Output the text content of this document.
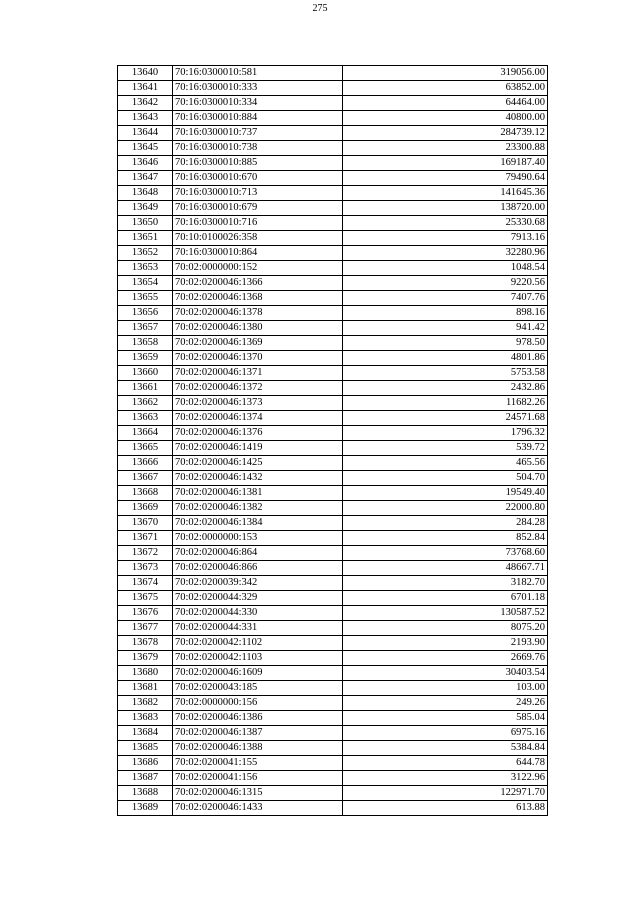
275
13640	70:16:0300010:581	319056.00
13641	70:16:0300010:333	63852.00
13642	70:16:0300010:334	64464.00
13643	70:16:0300010:884	40800.00
13644	70:16:0300010:737	284739.12
13645	70:16:0300010:738	23300.88
13646	70:16:0300010:885	169187.40
13647	70:16:0300010:670	79490.64
13648	70:16:0300010:713	141645.36
13649	70:16:0300010:679	138720.00
13650	70:16:0300010:716	25330.68
13651	70:10:0100026:358	7913.16
13652	70:16:0300010:864	32280.96
13653	70:02:0000000:152	1048.54
13654	70:02:0200046:1366	9220.56
13655	70:02:0200046:1368	7407.76
13656	70:02:0200046:1378	898.16
13657	70:02:0200046:1380	941.42
13658	70:02:0200046:1369	978.50
13659	70:02:0200046:1370	4801.86
13660	70:02:0200046:1371	5753.58
13661	70:02:0200046:1372	2432.86
13662	70:02:0200046:1373	11682.26
13663	70:02:0200046:1374	24571.68
13664	70:02:0200046:1376	1796.32
13665	70:02:0200046:1419	539.72
13666	70:02:0200046:1425	465.56
13667	70:02:0200046:1432	504.70
13668	70:02:0200046:1381	19549.40
13669	70:02:0200046:1382	22000.80
13670	70:02:0200046:1384	284.28
13671	70:02:0000000:153	852.84
13672	70:02:0200046:864	73768.60
13673	70:02:0200046:866	48667.71
13674	70:02:0200039:342	3182.70
13675	70:02:0200044:329	6701.18
13676	70:02:0200044:330	130587.52
13677	70:02:0200044:331	8075.20
13678	70:02:0200042:1102	2193.90
13679	70:02:0200042:1103	2669.76
13680	70:02:0200046:1609	30403.54
13681	70:02:0200043:185	103.00
13682	70:02:0000000:156	249.26
13683	70:02:0200046:1386	585.04
13684	70:02:0200046:1387	6975.16
13685	70:02:0200046:1388	5384.84
13686	70:02:0200041:155	644.78
13687	70:02:0200041:156	3122.96
13688	70:02:0200046:1315	122971.70
13689	70:02:0200046:1433	613.88
